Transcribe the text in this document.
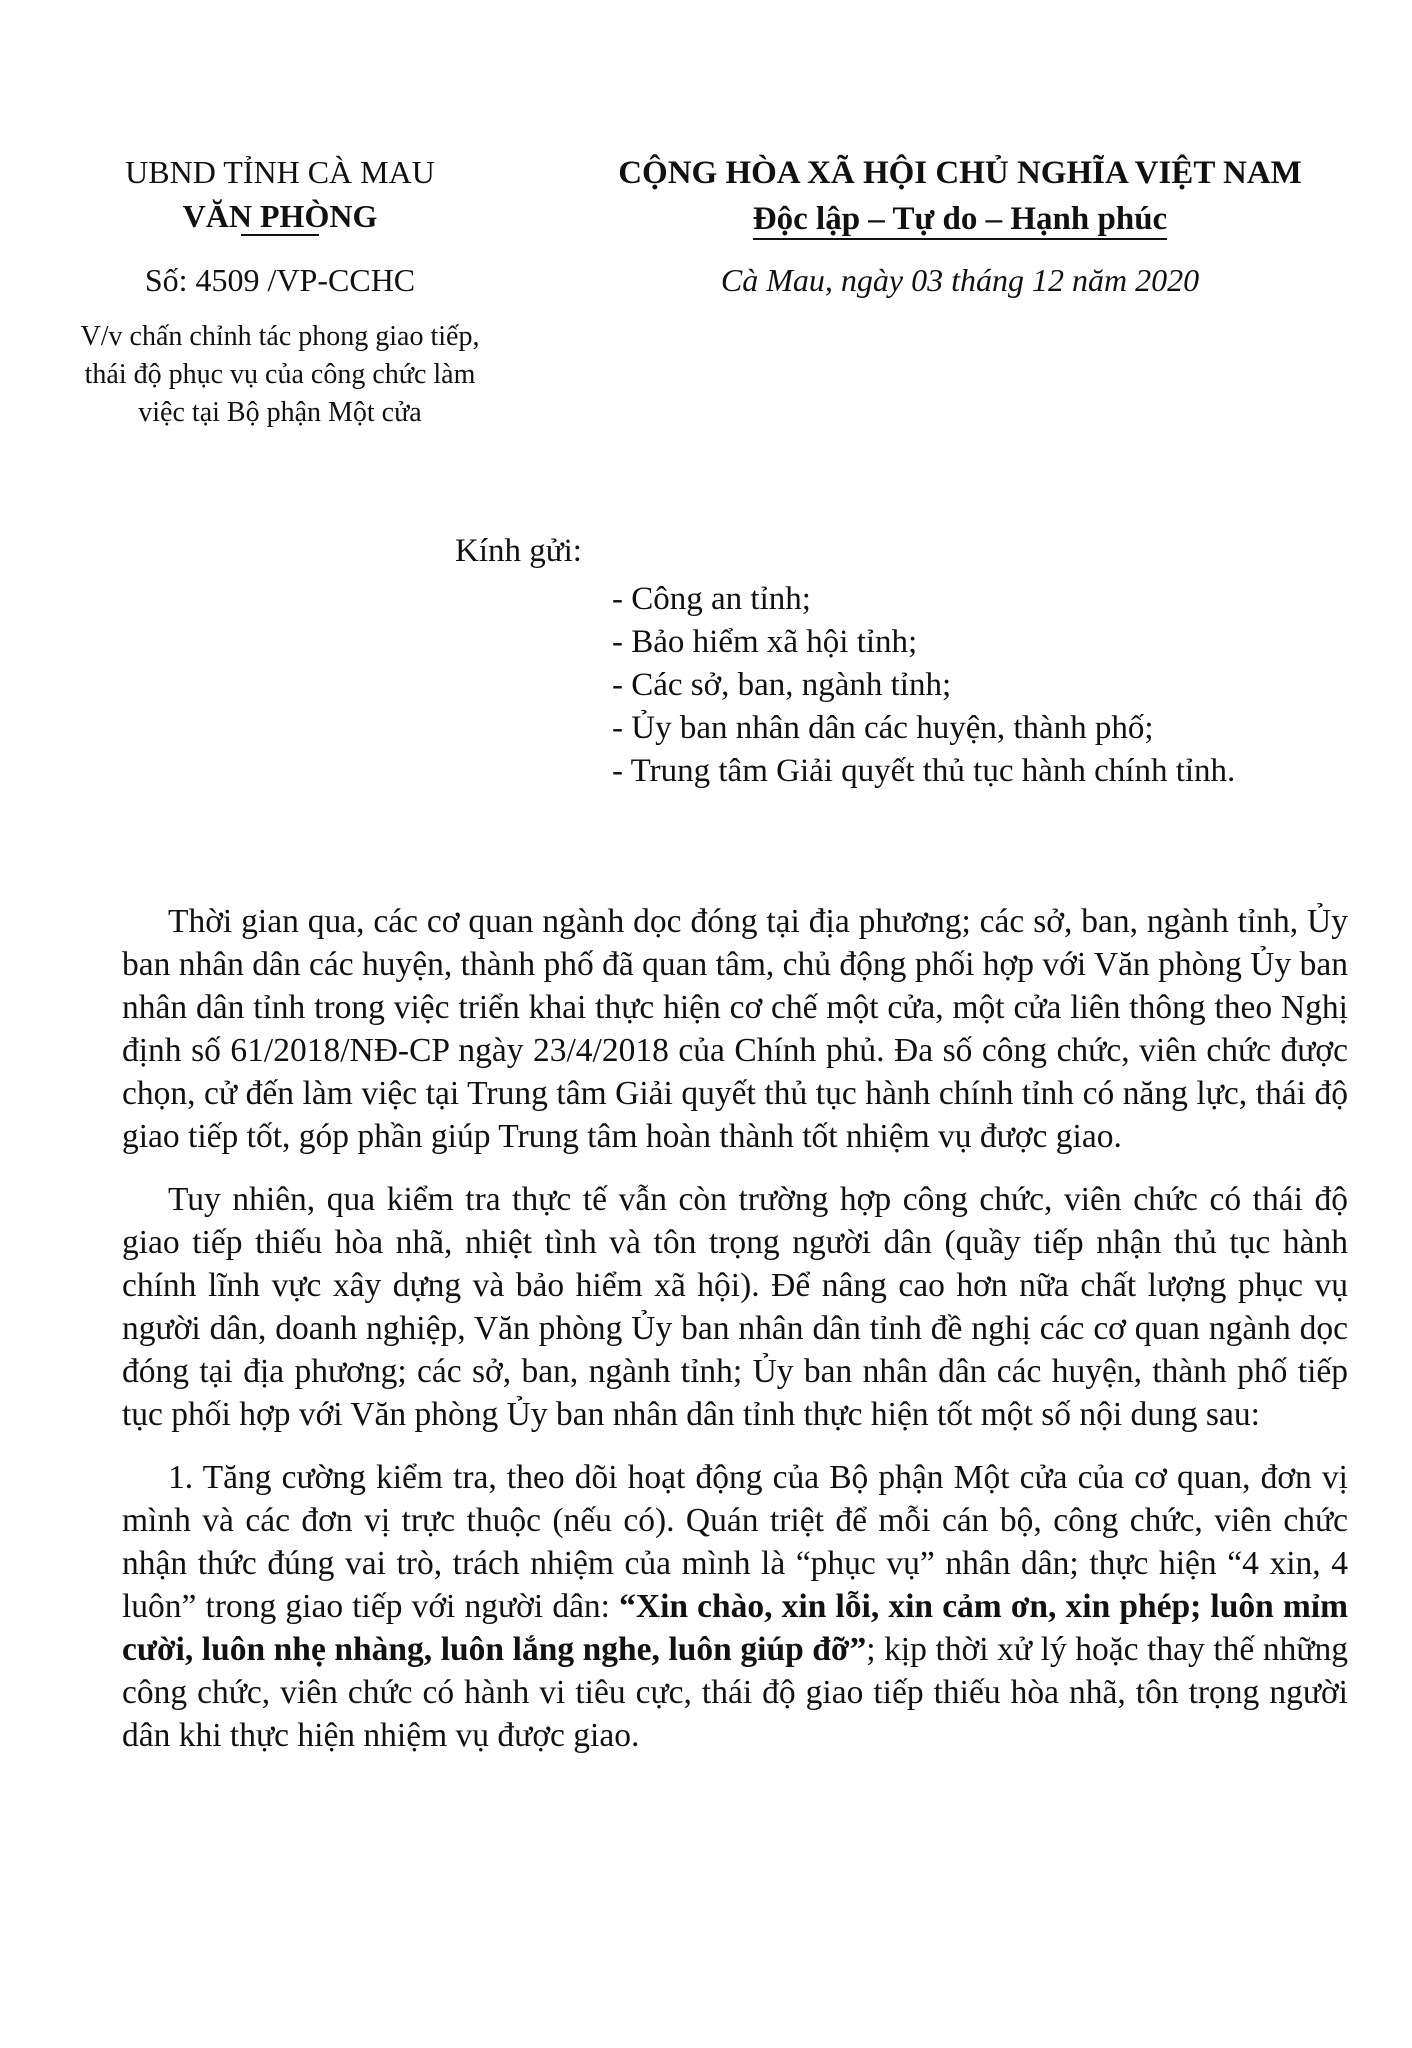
UBND TỈNH CÀ MAU
VĂN PHÒNG
Số: 4509 /VP-CCHC
V/v chấn chỉnh tác phong giao tiếp,
thái độ phục vụ của công chức làm
việc tại Bộ phận Một cửa
CỘNG HÒA XÃ HỘI CHỦ NGHĨA VIỆT NAM
Độc lập – Tự do – Hạnh phúc
Cà Mau, ngày 03 tháng 12 năm 2020
Kính gửi:
- Công an tỉnh;
- Bảo hiểm xã hội tỉnh;
- Các sở, ban, ngành tỉnh;
- Ủy ban nhân dân các huyện, thành phố;
- Trung tâm Giải quyết thủ tục hành chính tỉnh.

Thời gian qua, các cơ quan ngành dọc đóng tại địa phương; các sở, ban, ngành tỉnh, Ủy ban nhân dân các huyện, thành phố đã quan tâm, chủ động phối hợp với Văn phòng Ủy ban nhân dân tỉnh trong việc triển khai thực hiện cơ chế một cửa, một cửa liên thông theo Nghị định số 61/2018/NĐ-CP ngày 23/4/2018 của Chính phủ. Đa số công chức, viên chức được chọn, cử đến làm việc tại Trung tâm Giải quyết thủ tục hành chính tỉnh có năng lực, thái độ giao tiếp tốt, góp phần giúp Trung tâm hoàn thành tốt nhiệm vụ được giao.

Tuy nhiên, qua kiểm tra thực tế vẫn còn trường hợp công chức, viên chức có thái độ giao tiếp thiếu hòa nhã, nhiệt tình và tôn trọng người dân (quầy tiếp nhận thủ tục hành chính lĩnh vực xây dựng và bảo hiểm xã hội). Để nâng cao hơn nữa chất lượng phục vụ người dân, doanh nghiệp, Văn phòng Ủy ban nhân dân tỉnh đề nghị các cơ quan ngành dọc đóng tại địa phương; các sở, ban, ngành tỉnh; Ủy ban nhân dân các huyện, thành phố tiếp tục phối hợp với Văn phòng Ủy ban nhân dân tỉnh thực hiện tốt một số nội dung sau:

1. Tăng cường kiểm tra, theo dõi hoạt động của Bộ phận Một cửa của cơ quan, đơn vị mình và các đơn vị trực thuộc (nếu có). Quán triệt để mỗi cán bộ, công chức, viên chức nhận thức đúng vai trò, trách nhiệm của mình là “phục vụ” nhân dân; thực hiện “4 xin, 4 luôn” trong giao tiếp với người dân: “Xin chào, xin lỗi, xin cảm ơn, xin phép; luôn mỉm cười, luôn nhẹ nhàng, luôn lắng nghe, luôn giúp đỡ”; kịp thời xử lý hoặc thay thế những công chức, viên chức có hành vi tiêu cực, thái độ giao tiếp thiếu hòa nhã, tôn trọng người dân khi thực hiện nhiệm vụ được giao.
